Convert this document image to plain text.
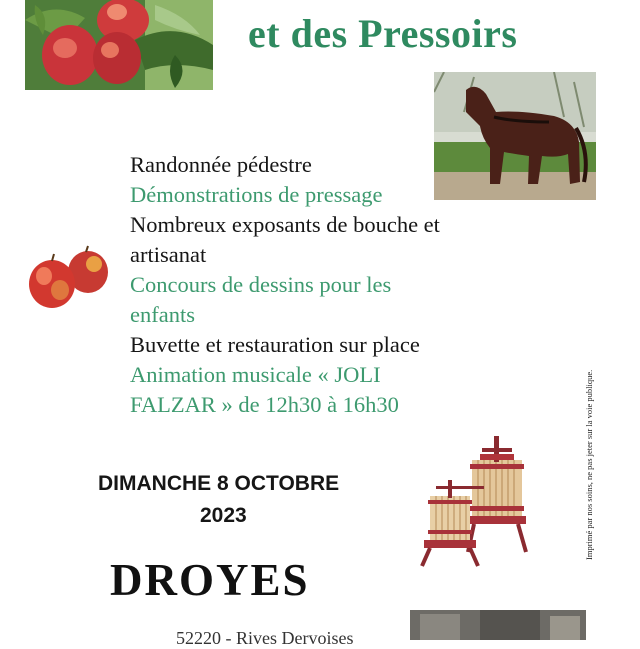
et des Pressoirs
Randonnée pédestre
Démonstrations de pressage
Nombreux exposants de bouche et
artisanat
Concours de dessins pour les
enfants
Buvette et restauration sur place
Animation musicale « JOLI
FALZAR » de 12h30 à 16h30	Imprimé par nos soins, ne pas jeter sur la voie publique.
DIMANCHE 8 OCTOBRE
2023
DROYES
52220 - Rives Dervoises
